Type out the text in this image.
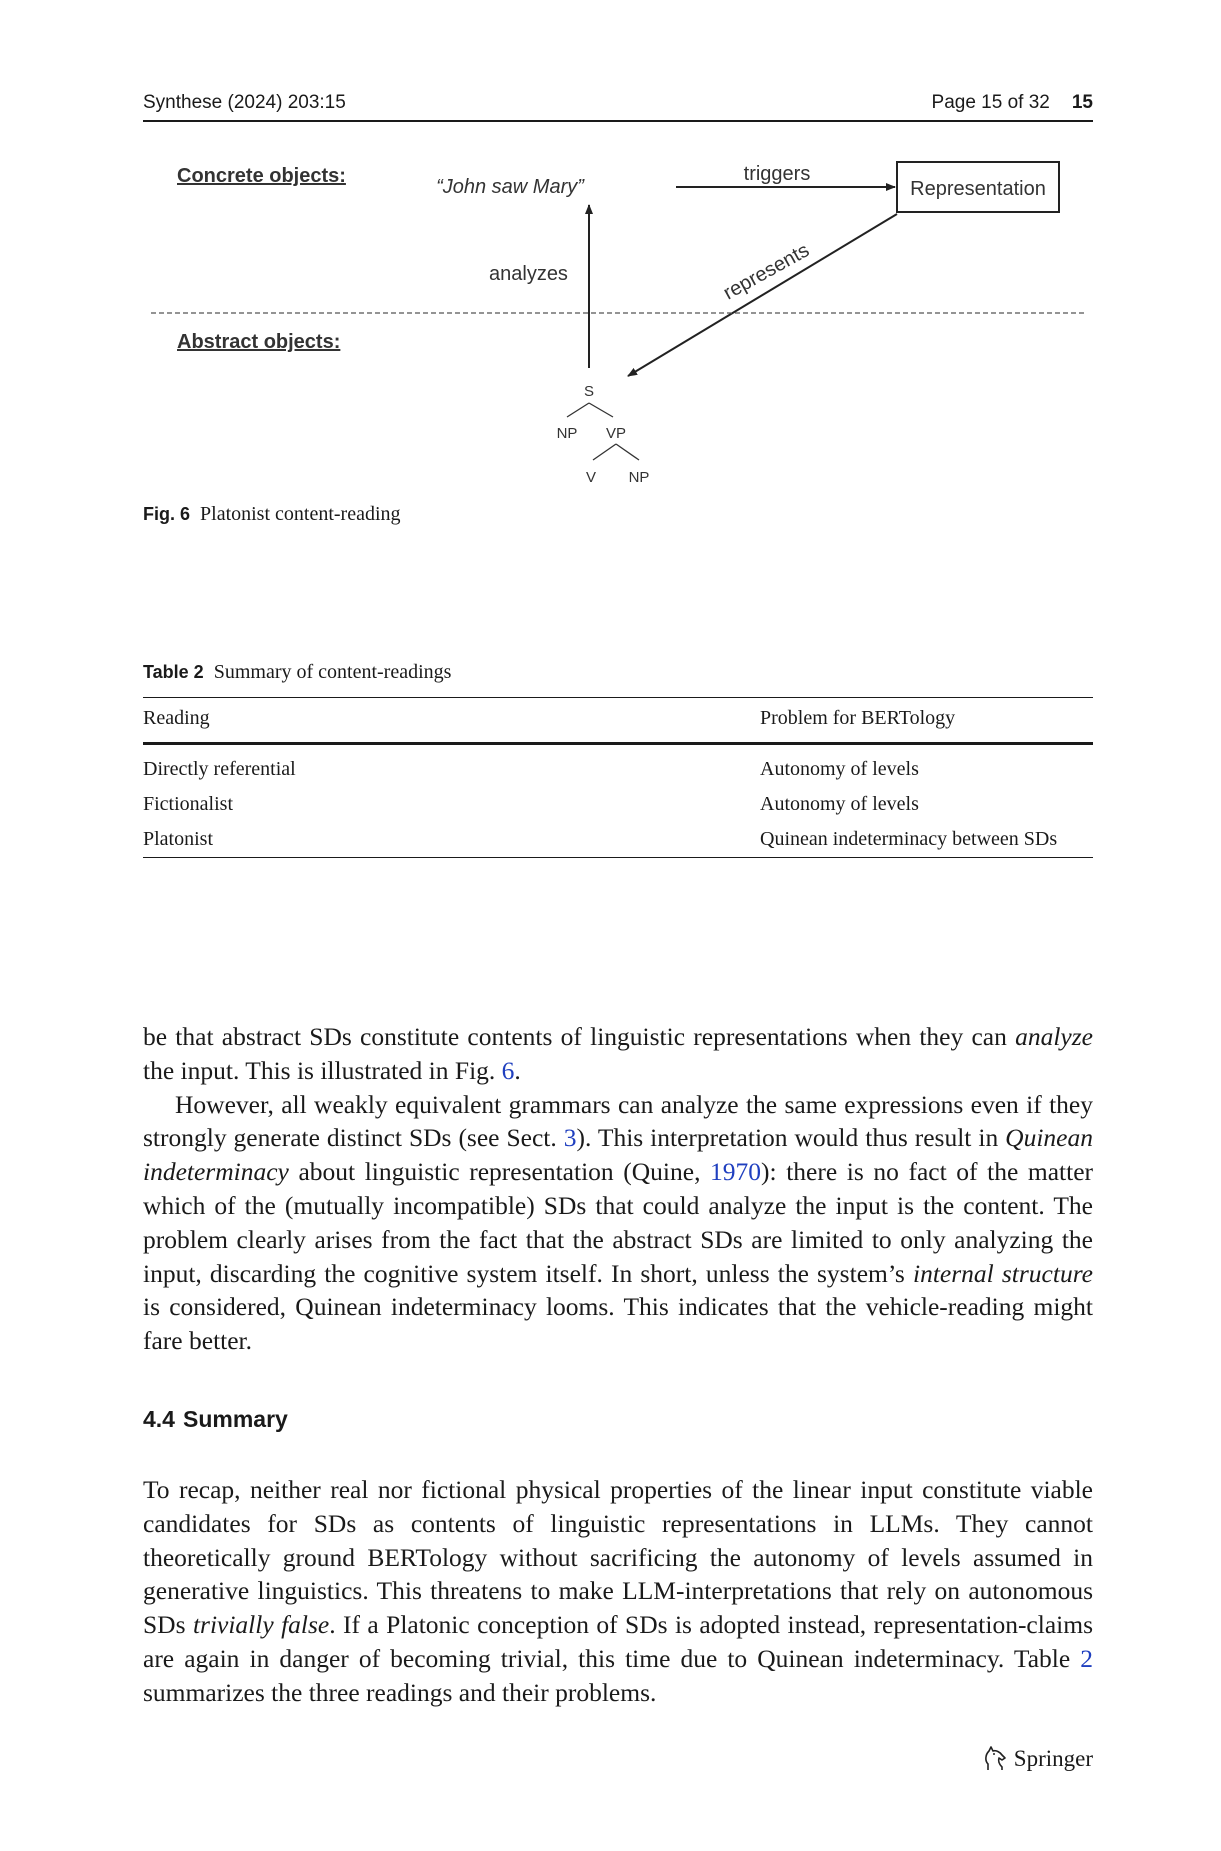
Synthese (2024) 203:15	Page 15 of 32 15
Concrete objects:
Abstract objects:
“John saw Mary”
triggers
Representation
analyzes	represents
S
NP VP
V NP
Fig. 6 Platonist content-reading
Table 2 Summary of content-readings
Reading	Problem for BERTology
Directly referential	Autonomy of levels
Fictionalist	Autonomy of levels
Platonist	Quinean indeterminacy between SDs

be that abstract SDs constitute contents of linguistic representations when they can analyze the input. This is illustrated in Fig. 6.

However, all weakly equivalent grammars can analyze the same expressions even if they strongly generate distinct SDs (see Sect. 3). This interpretation would thus result in Quinean indeterminacy about linguistic representation (Quine, 1970): there is no fact of the matter which of the (mutually incompatible) SDs that could analyze the input is the content. The problem clearly arises from the fact that the abstract SDs are limited to only analyzing the input, discarding the cognitive system itself. In short, unless the system’s internal structure is considered, Quinean indeterminacy looms. This indicates that the vehicle-reading might fare better.

4.4 Summary

To recap, neither real nor fictional physical properties of the linear input constitute viable candidates for SDs as contents of linguistic representations in LLMs. They cannot theoretically ground BERTology without sacrificing the autonomy of levels assumed in generative linguistics. This threatens to make LLM-interpretations that rely on autonomous SDs trivially false. If a Platonic conception of SDs is adopted instead, representation-claims are again in danger of becoming trivial, this time due to Quinean indeterminacy. Table 2 summarizes the three readings and their problems.

Springer
